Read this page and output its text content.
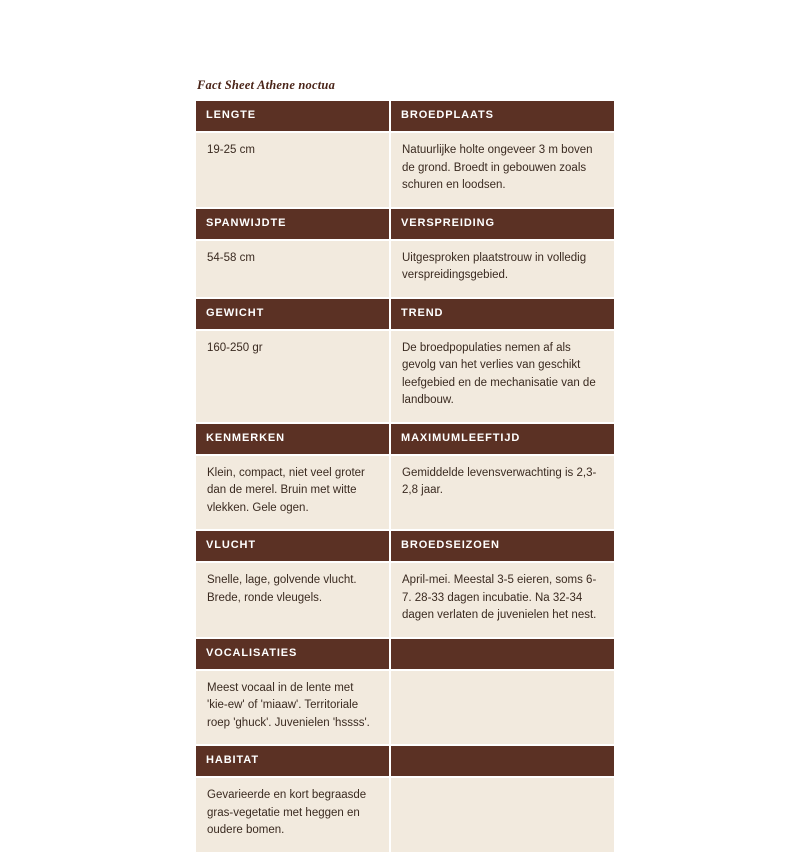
Fact Sheet Athene noctua
LENGTE	BROEDPLAATS
19-25 cm	Natuurlijke holte ongeveer 3 m boven de grond. Broedt in gebouwen zoals schuren en loodsen.
SPANWIJDTE	VERSPREIDING
54-58 cm	Uitgesproken plaatstrouw in volledig verspreidingsgebied.
GEWICHT	TREND
160-250 gr	De broedpopulaties nemen af als gevolg van het verlies van geschikt leefgebied en de mechanisatie van de landbouw.
KENMERKEN	MAXIMUMLEEFTIJD
Klein, compact, niet veel groter dan de merel. Bruin met witte vlekken. Gele ogen.	Gemiddelde levensverwachting is 2,3-2,8 jaar.
VLUCHT	BROEDSEIZOEN
Snelle, lage, golvende vlucht. Brede, ronde vleugels.	April-mei. Meestal 3-5 eieren, soms 6-7. 28-33 dagen incubatie. Na 32-34 dagen verlaten de juvenielen het nest.
VOCALISATIES	
Meest vocaal in de lente met 'kie-ew' of 'miaaw'. Territoriale roep 'ghuck'. Juvenielen 'hssss'.	
HABITAT	
Gevarieerde en kort begraasde gras-vegetatie met heggen en oudere bomen.	
8
